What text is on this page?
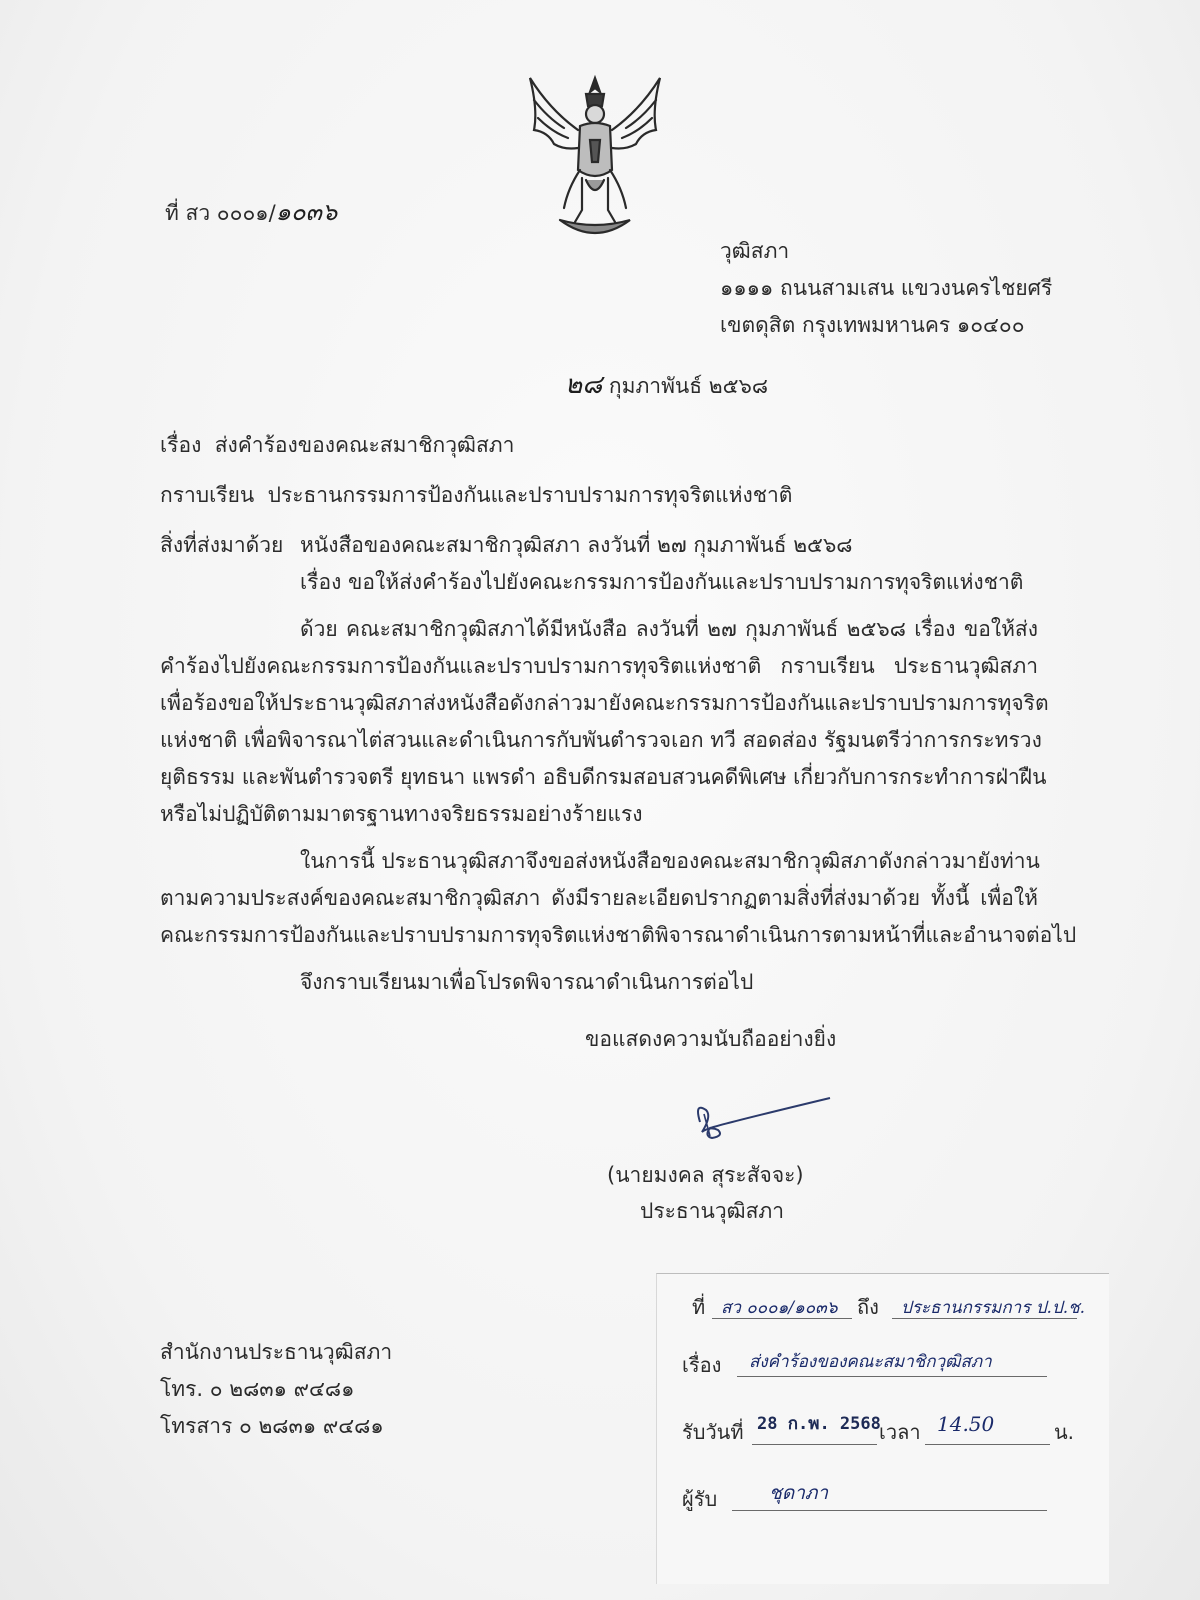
ที่ สว ๐๐๐๑/๑๐๓๖
วุฒิสภา
๑๑๑๑ ถนนสามเสน แขวงนครไชยศรี
เขตดุสิต กรุงเทพมหานคร ๑๐๔๐๐
๒๘ กุมภาพันธ์ ๒๕๖๘
เรื่อง ส่งคำร้องของคณะสมาชิกวุฒิสภา
กราบเรียน ประธานกรรมการป้องกันและปราบปรามการทุจริตแห่งชาติ
สิ่งที่ส่งมาด้วย หนังสือของคณะสมาชิกวุฒิสภา ลงวันที่ ๒๗ กุมภาพันธ์ ๒๕๖๘
เรื่อง ขอให้ส่งคำร้องไปยังคณะกรรมการป้องกันและปราบปรามการทุจริตแห่งชาติ
ด้วย คณะสมาชิกวุฒิสภาได้มีหนังสือ ลงวันที่ ๒๗ กุมภาพันธ์ ๒๕๖๘ เรื่อง ขอให้ส่ง
คำร้องไปยังคณะกรรมการป้องกันและปราบปรามการทุจริตแห่งชาติ กราบเรียน ประธานวุฒิสภา
เพื่อร้องขอให้ประธานวุฒิสภาส่งหนังสือดังกล่าวมายังคณะกรรมการป้องกันและปราบปรามการทุจริต
แห่งชาติ เพื่อพิจารณาไต่สวนและดำเนินการกับพันตำรวจเอก ทวี สอดส่อง รัฐมนตรีว่าการกระทรวง
ยุติธรรม และพันตำรวจตรี ยุทธนา แพรดำ อธิบดีกรมสอบสวนคดีพิเศษ เกี่ยวกับการกระทำการฝ่าฝืน
หรือไม่ปฏิบัติตามมาตรฐานทางจริยธรรมอย่างร้ายแรง
ในการนี้ ประธานวุฒิสภาจึงขอส่งหนังสือของคณะสมาชิกวุฒิสภาดังกล่าวมายังท่าน
ตามความประสงค์ของคณะสมาชิกวุฒิสภา ดังมีรายละเอียดปรากฏตามสิ่งที่ส่งมาด้วย ทั้งนี้ เพื่อให้
คณะกรรมการป้องกันและปราบปรามการทุจริตแห่งชาติพิจารณาดำเนินการตามหน้าที่และอำนาจต่อไป
จึงกราบเรียนมาเพื่อโปรดพิจารณาดำเนินการต่อไป
ขอแสดงความนับถืออย่างยิ่ง
(นายมงคล สุระสัจจะ)
ประธานวุฒิสภา
สำนักงานประธานวุฒิสภา
โทร. ๐ ๒๘๓๑ ๙๔๘๑
โทรสาร ๐ ๒๘๓๑ ๙๔๘๑
ที่ สว ๐๐๐๑/๑๐๓๖ ถึง ประธานกรรมการ ป.ป.ช.
เรื่อง ส่งคำร้องของคณะสมาชิกวุฒิสภา
รับวันที่ 28 ก.พ. 2568
เวลา 14.50	น.
ผู้รับ	ชุดาภา
